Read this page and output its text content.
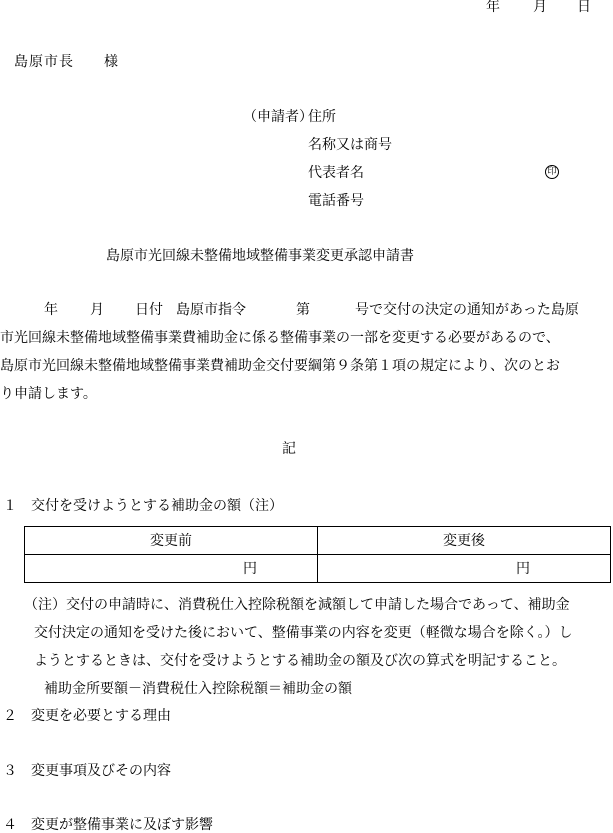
年 月 日
島原市長　　様
（申請者）
住所
名称又は商号
代表者名	印
電話番号
島原市光回線未整備地域整備事業変更承認申請書
年 月 日付 島原市指令	第	号で交付の決定の通知があった島原
市光回線未整備地域整備事業費補助金に係る整備事業の一部を変更する必要があるので、
島原市光回線未整備地域整備事業費補助金交付要綱第９条第１項の規定により、次のとお
り申請します。
記
１　交付を受けようとする補助金の額（注）
変更前	変更後
円	円
（注）交付の申請時に、消費税仕入控除税額を減額して申請した場合であって、補助金
交付決定の通知を受けた後において、整備事業の内容を変更（軽微な場合を除く。）し
ようとするときは、交付を受けようとする補助金の額及び次の算式を明記すること。
補助金所要額－消費税仕入控除税額＝補助金の額
２　変更を必要とする理由
３　変更事項及びその内容
４　変更が整備事業に及ぼす影響
